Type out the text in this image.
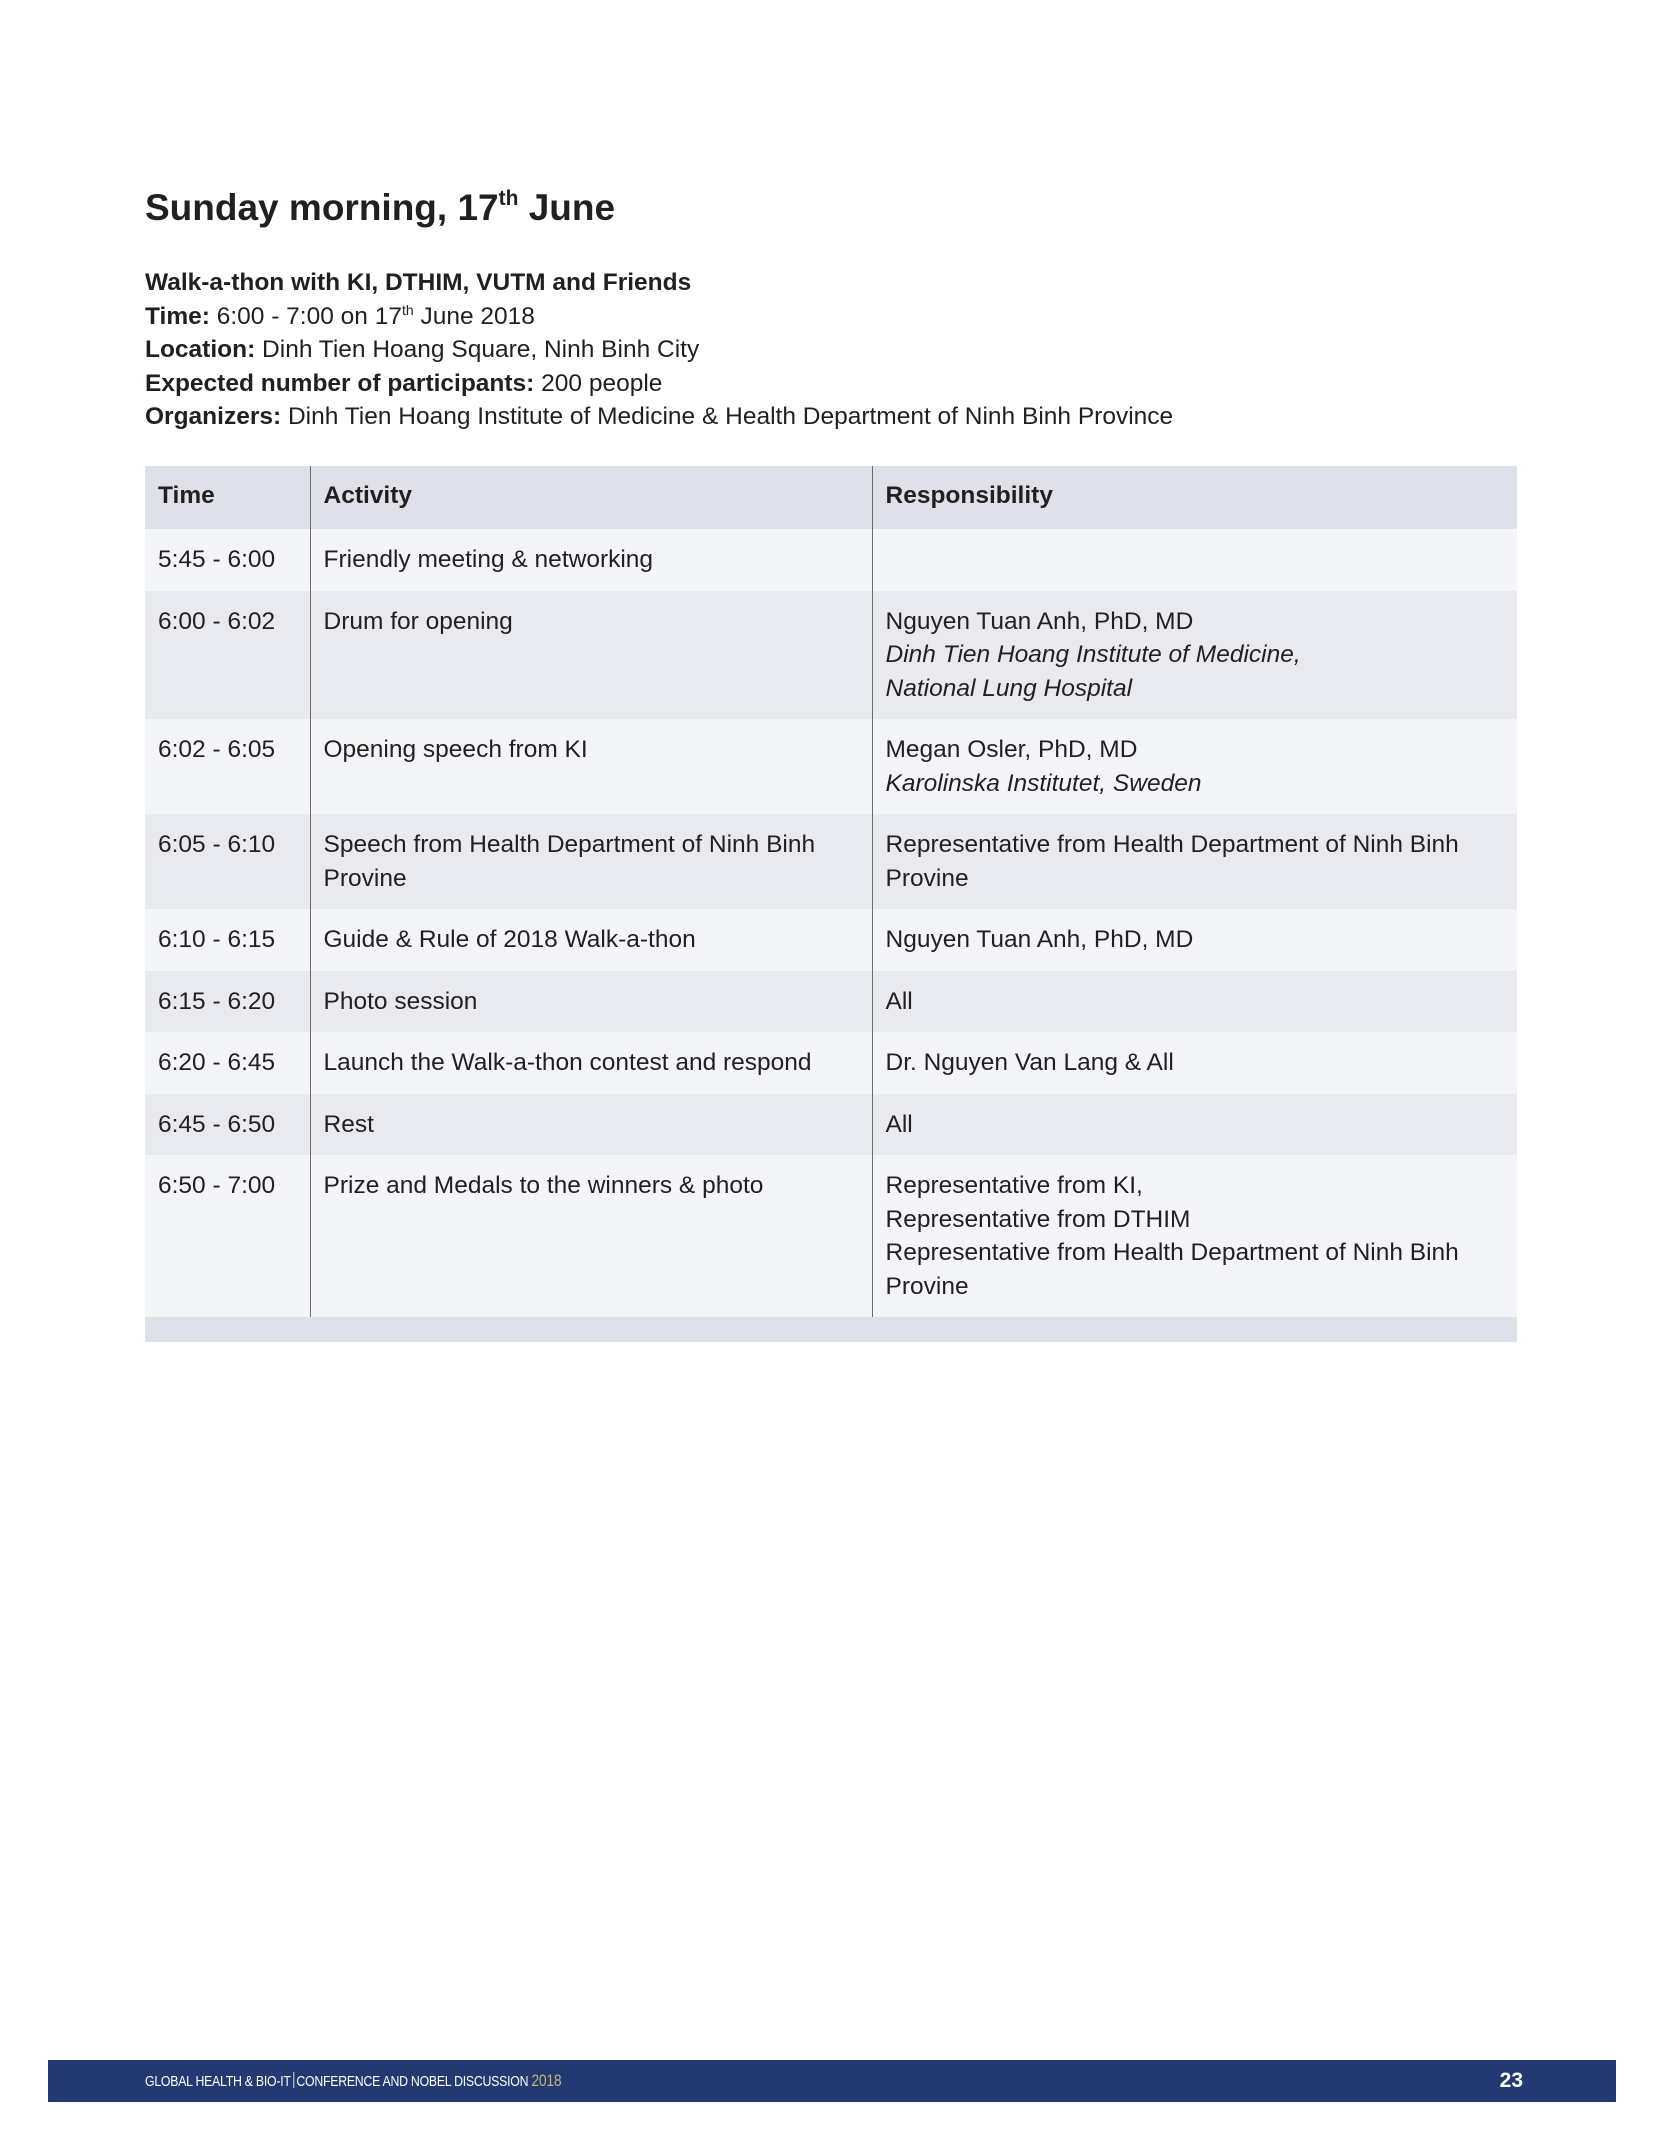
Sunday morning, 17th June
Walk-a-thon with KI, DTHIM, VUTM and Friends
Time: 6:00 - 7:00 on 17th June 2018
Location: Dinh Tien Hoang Square, Ninh Binh City
Expected number of participants: 200 people
Organizers: Dinh Tien Hoang Institute of Medicine & Health Department of Ninh Binh Province
Time	Activity	Responsibility
5:45 - 6:00	Friendly meeting & networking	
6:00 - 6:02	Drum for opening	Nguyen Tuan Anh, PhD, MD
Dinh Tien Hoang Institute of Medicine,
National Lung Hospital

6:02 - 6:05	Opening speech from KI	Megan Osler, PhD, MD
Karolinska Institutet, Sweden

6:05 - 6:10	Speech from Health Department of Ninh Binh Provine	Representative from Health Department of Ninh Binh Provine

6:10 - 6:15	Guide & Rule of 2018 Walk-a-thon	Nguyen Tuan Anh, PhD, MD

6:15 - 6:20	Photo session	All

6:20 - 6:45	Launch the Walk-a-thon contest and respond	Dr. Nguyen Van Lang & All

6:45 - 6:50	Rest	All

6:50 - 7:00	Prize and Medals to the winners & photo	Representative from KI,
Representative from DTHIM
Representative from Health Department of Ninh Binh Provine
GLOBAL HEALTH & BIO-IT CONFERENCE AND NOBEL DISCUSSION 2018	23
